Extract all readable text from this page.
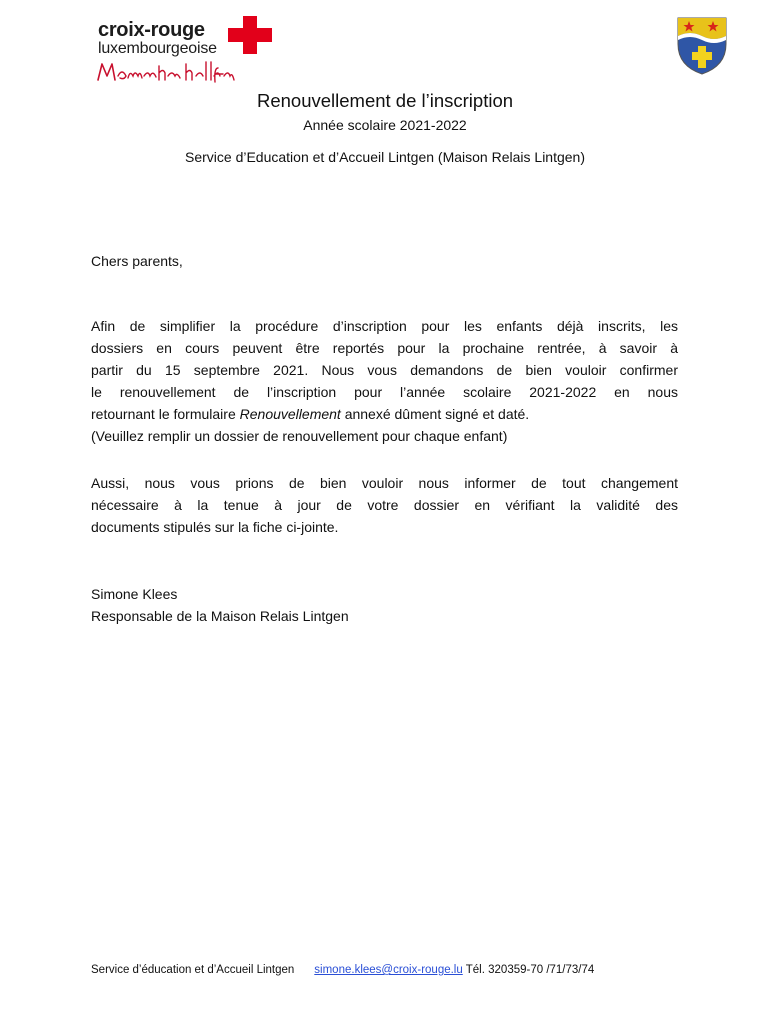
croix-rouge
luxembourgeoise
Renouvellement de l’inscription
Année scolaire 2021-2022
Service d’Education et d’Accueil Lintgen (Maison Relais Lintgen)
Chers parents,
Afin de simplifier la procédure d’inscription pour les enfants déjà inscrits, les
dossiers en cours peuvent être reportés pour la prochaine rentrée, à savoir à
partir du 15 septembre 2021. Nous vous demandons de bien vouloir confirmer
le renouvellement de l’inscription pour l’année scolaire 2021-2022 en nous
retournant le formulaire Renouvellement annexé dûment signé et daté.
(Veuillez remplir un dossier de renouvellement pour chaque enfant)
Aussi, nous vous prions de bien vouloir nous informer de tout changement
nécessaire à la tenue à jour de votre dossier en vérifiant la validité des
documents stipulés sur la fiche ci-jointe.
Simone Klees
Responsable de la Maison Relais Lintgen
Service d’éducation et d’Accueil Lintgen simone.klees@croix-rouge.lu Tél. 320359-70 /71/73/74
